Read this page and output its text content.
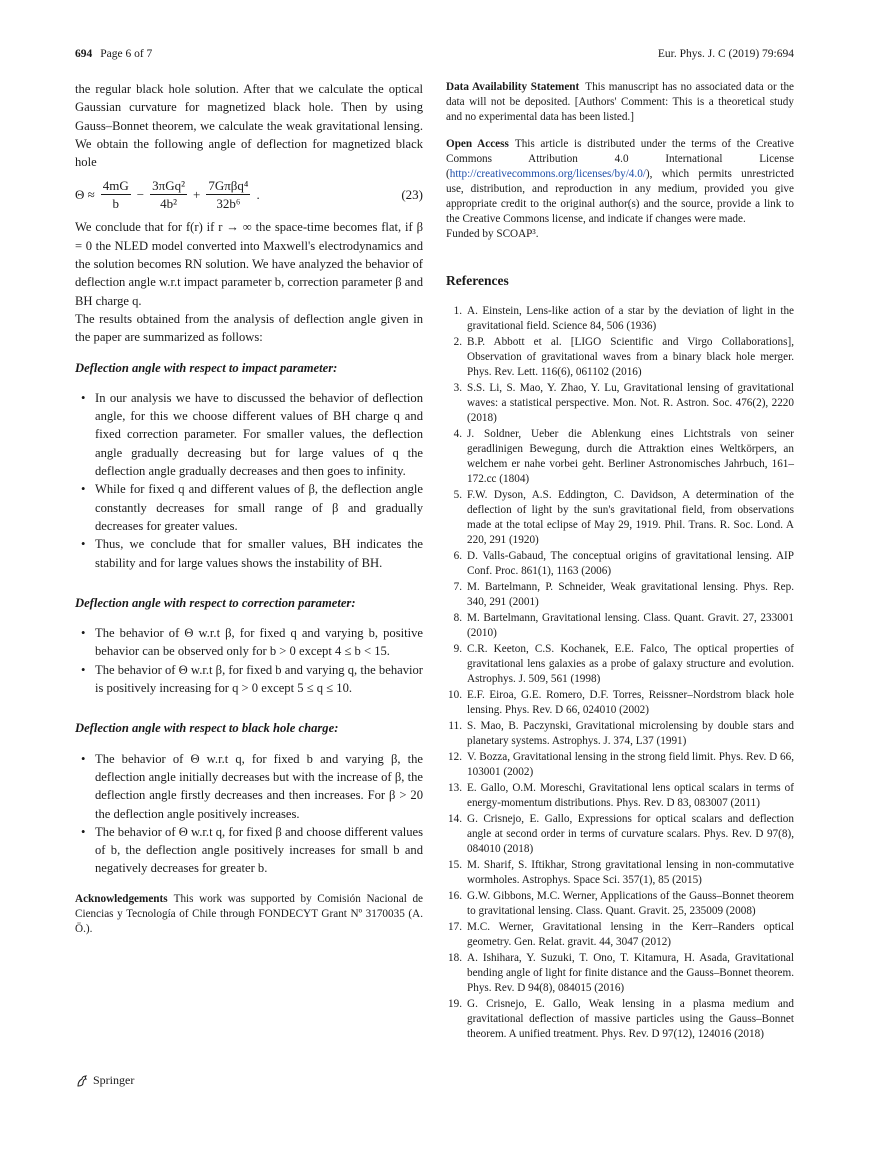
694 Page 6 of 7	Eur. Phys. J. C (2019) 79:694

the regular black hole solution. After that we calculate the optical Gaussian curvature for magnetized black hole. Then by using Gauss–Bonnet theorem, we calculate the weak gravitational lensing. We obtain the following angle of deflection for magnetized black hole

$\Theta \approx \frac{4mG}{b} - \frac{\text{3πGq²}}{\text{4b²}} + \frac{\text{7Gπβq⁴}}{\text{32b⁶}}$ .	(23)

We conclude that for f(r) if r → ∞ the space-time becomes flat, if β = 0 the NLED model converted into Maxwell's electrodynamics and the solution becomes RN solution. We have analyzed the behavior of deflection angle w.r.t impact parameter b, correction parameter β and BH charge q.

The results obtained from the analysis of deflection angle given in the paper are summarized as follows:

Deflection angle with respect to impact parameter:
• In our analysis we have to discussed the behavior of deflection angle, for this we choose different values of BH charge q and fixed correction parameter. For smaller values, the deflection angle gradually decreasing but for large values of q the deflection angle gradually decreases and then goes to infinity.
• While for fixed q and different values of β, the deflection angle constantly decreases for small range of β and gradually decreases for greater values.
• Thus, we conclude that for smaller values, BH indicates the stability and for large values shows the instability of BH.
Deflection angle with respect to correction parameter:
• The behavior of Θ w.r.t β, for fixed q and varying b, positive behavior can be observed only for b > 0 except 4 ≤ b < 15.
• The behavior of Θ w.r.t β, for fixed b and varying q, the behavior is positively increasing for q > 0 except 5 ≤ q ≤ 10.
Deflection angle with respect to black hole charge:
• The behavior of Θ w.r.t q, for fixed b and varying β, the deflection angle initially decreases but with the increase of β, the deflection angle firstly decreases and then increases. For β > 20 the deflection angle positively increases.
• The behavior of Θ w.r.t q, for fixed β and choose different values of b, the deflection angle positively increases for small b and negatively decreases for greater b.

Acknowledgements This work was supported by Comisión Nacional de Ciencias y Tecnología of Chile through FONDECYT Grant Nº 3170035 (A. Ö.).

Data Availability Statement This manuscript has no associated data or the data will not be deposited. [Authors' Comment: This is a theoretical study and no experimental data has been listed.]

Open Access This article is distributed under the terms of the Creative Commons Attribution 4.0 International License (http://creativecommons.org/licenses/by/4.0/), which permits unrestricted use, distribution, and reproduction in any medium, provided you give appropriate credit to the original author(s) and the source, provide a link to the Creative Commons license, and indicate if changes were made.
Funded by SCOAP³.

References
1. A. Einstein, Lens-like action of a star by the deviation of light in the gravitational field. Science 84, 506 (1936)
2. B.P. Abbott et al. [LIGO Scientific and Virgo Collaborations], Observation of gravitational waves from a binary black hole merger. Phys. Rev. Lett. 116(6), 061102 (2016)
3. S.S. Li, S. Mao, Y. Zhao, Y. Lu, Gravitational lensing of gravitational waves: a statistical perspective. Mon. Not. R. Astron. Soc. 476(2), 2220 (2018)
4. J. Soldner, Ueber die Ablenkung eines Lichtstrals von seiner geradlinigen Bewegung, durch die Attraktion eines Weltkörpers, an welchem er nahe vorbei geht. Berliner Astronomisches Jahrbuch, 161–172.cc (1804)
5. F.W. Dyson, A.S. Eddington, C. Davidson, A determination of the deflection of light by the sun's gravitational field, from observations made at the total eclipse of May 29, 1919. Phil. Trans. R. Soc. Lond. A 220, 291 (1920)
6. D. Valls-Gabaud, The conceptual origins of gravitational lensing. AIP Conf. Proc. 861(1), 1163 (2006)
7. M. Bartelmann, P. Schneider, Weak gravitational lensing. Phys. Rep. 340, 291 (2001)
8. M. Bartelmann, Gravitational lensing. Class. Quant. Gravit. 27, 233001 (2010)
9. C.R. Keeton, C.S. Kochanek, E.E. Falco, The optical properties of gravitational lens galaxies as a probe of galaxy structure and evolution. Astrophys. J. 509, 561 (1998)
10. E.F. Eiroa, G.E. Romero, D.F. Torres, Reissner–Nordstrom black hole lensing. Phys. Rev. D 66, 024010 (2002)
11. S. Mao, B. Paczynski, Gravitational microlensing by double stars and planetary systems. Astrophys. J. 374, L37 (1991)
12. V. Bozza, Gravitational lensing in the strong field limit. Phys. Rev. D 66, 103001 (2002)
13. E. Gallo, O.M. Moreschi, Gravitational lens optical scalars in terms of energy-momentum distributions. Phys. Rev. D 83, 083007 (2011)
14. G. Crisnejo, E. Gallo, Expressions for optical scalars and deflection angle at second order in terms of curvature scalars. Phys. Rev. D 97(8), 084010 (2018)
15. M. Sharif, S. Iftikhar, Strong gravitational lensing in non-commutative wormholes. Astrophys. Space Sci. 357(1), 85 (2015)
16. G.W. Gibbons, M.C. Werner, Applications of the Gauss–Bonnet theorem to gravitational lensing. Class. Quant. Gravit. 25, 235009 (2008)
17. M.C. Werner, Gravitational lensing in the Kerr–Randers optical geometry. Gen. Relat. gravit. 44, 3047 (2012)
18. A. Ishihara, Y. Suzuki, T. Ono, T. Kitamura, H. Asada, Gravitational bending angle of light for finite distance and the Gauss–Bonnet theorem. Phys. Rev. D 94(8), 084015 (2016)
19. G. Crisnejo, E. Gallo, Weak lensing in a plasma medium and gravitational deflection of massive particles using the Gauss–Bonnet theorem. A unified treatment. Phys. Rev. D 97(12), 124016 (2018)
Springer
